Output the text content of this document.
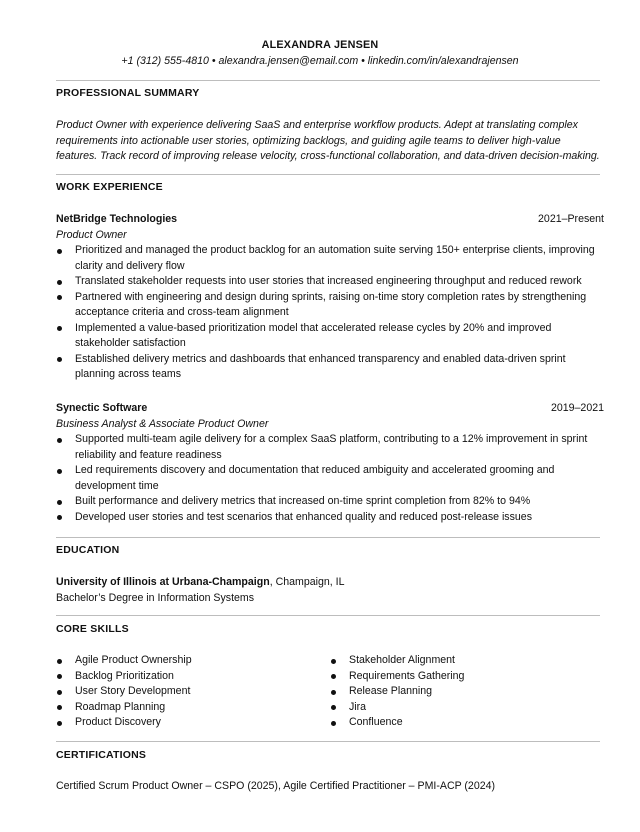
ALEXANDRA JENSEN
+1 (312) 555-4810 • alexandra.jensen@email.com • linkedin.com/in/alexandrajensen
PROFESSIONAL SUMMARY
Product Owner with experience delivering SaaS and enterprise workflow products. Adept at translating complex requirements into actionable user stories, optimizing backlogs, and guiding agile teams to deliver high-value features. Track record of improving release velocity, cross-functional collaboration, and data-driven decision-making.
WORK EXPERIENCE
NetBridge Technologies	2021–Present
Product Owner
Prioritized and managed the product backlog for an automation suite serving 150+ enterprise clients, improving clarity and delivery flow
Translated stakeholder requests into user stories that increased engineering throughput and reduced rework
Partnered with engineering and design during sprints, raising on-time story completion rates by strengthening acceptance criteria and cross-team alignment
Implemented a value-based prioritization model that accelerated release cycles by 20% and improved stakeholder satisfaction
Established delivery metrics and dashboards that enhanced transparency and enabled data-driven sprint planning across teams
Synectic Software	2019–2021
Business Analyst & Associate Product Owner
Supported multi-team agile delivery for a complex SaaS platform, contributing to a 12% improvement in sprint reliability and feature readiness
Led requirements discovery and documentation that reduced ambiguity and accelerated grooming and development time
Built performance and delivery metrics that increased on-time sprint completion from 82% to 94%
Developed user stories and test scenarios that enhanced quality and reduced post-release issues
EDUCATION
University of Illinois at Urbana-Champaign, Champaign, IL
Bachelor’s Degree in Information Systems
CORE SKILLS
Agile Product Ownership
Backlog Prioritization
User Story Development
Roadmap Planning
Product Discovery
Stakeholder Alignment
Requirements Gathering
Release Planning
Jira
Confluence
CERTIFICATIONS
Certified Scrum Product Owner – CSPO (2025), Agile Certified Practitioner – PMI-ACP (2024)
